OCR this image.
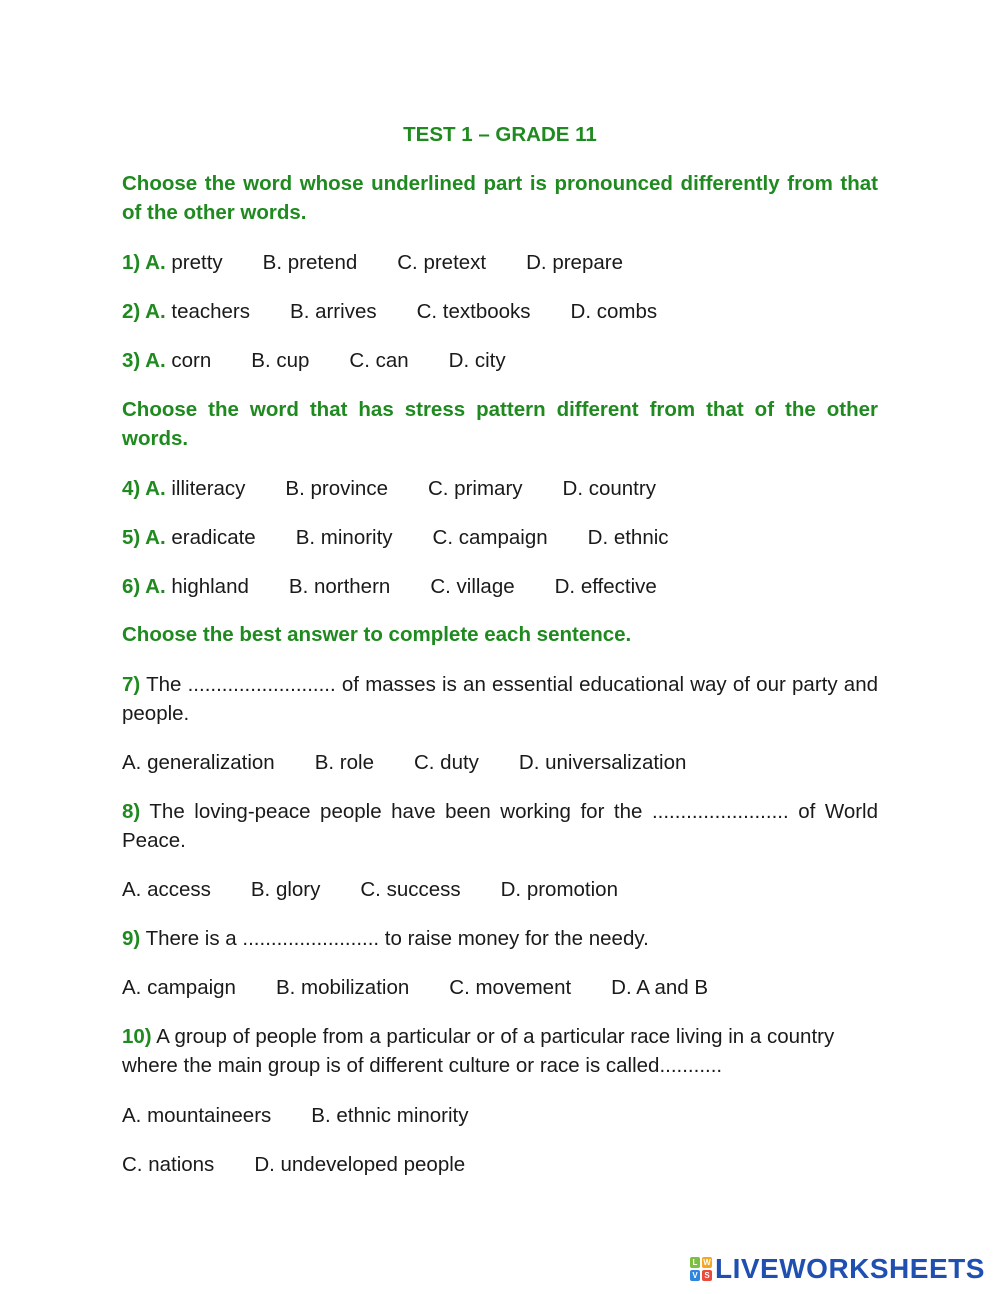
TEST 1 – GRADE 11
Choose the word whose underlined part is pronounced differently from that of the other words.
1) A. pretty B. pretend C. pretext D. prepare
2) A. teachers B. arrives C. textbooks D. combs
3) A. corn B. cup C. can D. city
Choose the word that has stress pattern different from that of the other words.
4) A. illiteracy B. province C. primary D. country
5) A. eradicate B. minority C. campaign D. ethnic
6) A. highland B. northern C. village D. effective
Choose the best answer to complete each sentence.
7) The .......................... of masses is an essential educational way of our party and people.
A. generalization B. role C. duty D. universalization
8) The loving-peace people have been working for the ........................ of World Peace.
A. access B. glory C. success D. promotion
9) There is a ........................ to raise money for the needy.
A. campaign B. mobilization C. movement D. A and B
10) A group of people from a particular or of a particular race living in a country where the main group is of different culture or race is called...........
A. mountaineers B. ethnic minority
C. nations D. undeveloped people
L W
V S LIVEWORKSHEETS
